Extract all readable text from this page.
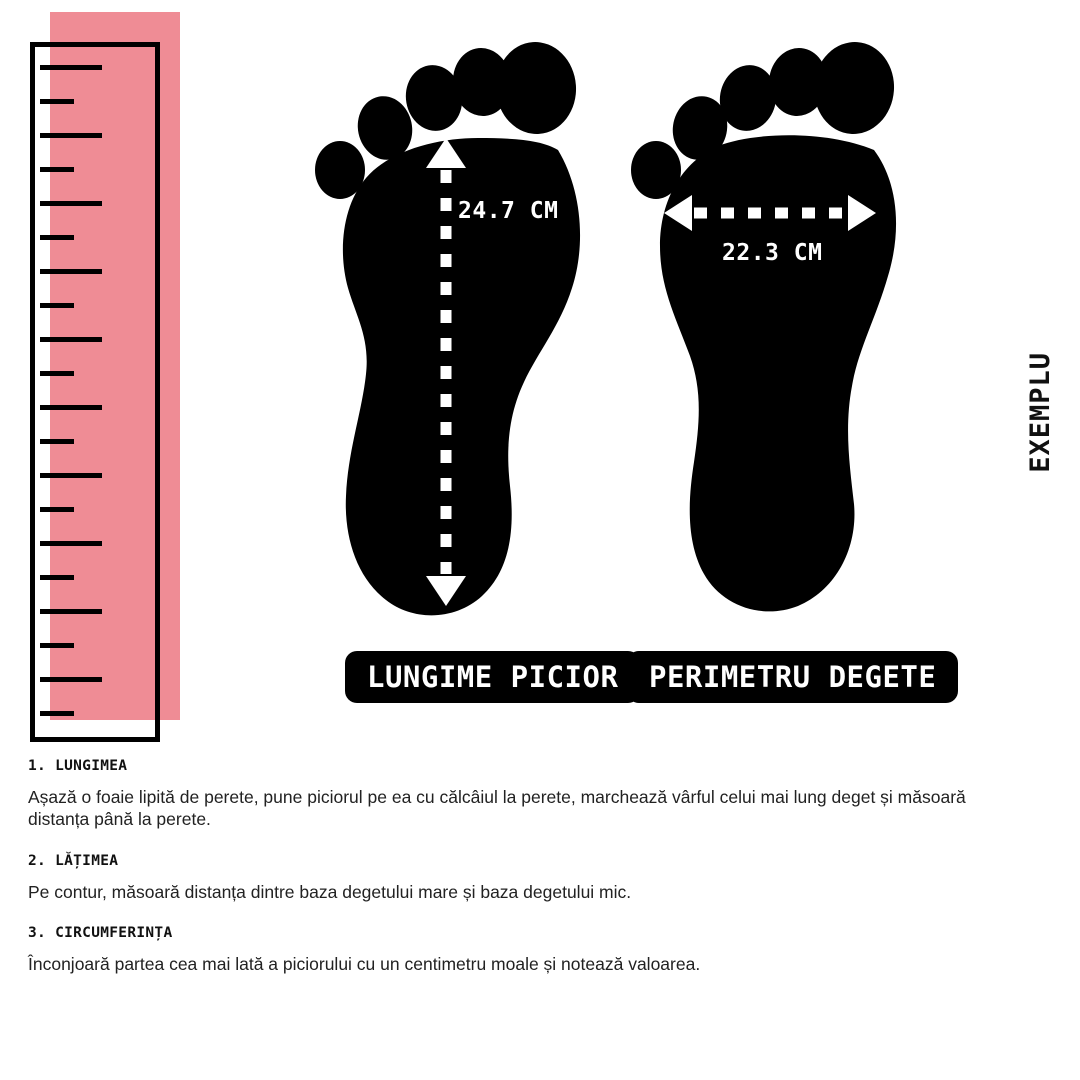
24.7 CM
22.3 CM
LUNGIME PICIOR	PERIMETRU DEGETE
EXEMPLU

1. LUNGIMEA

Așază o foaie lipită de perete, pune piciorul pe ea cu călcâiul la perete, marchează vârful celui mai lung deget și măsoară distanța până la perete.

2. LĂȚIMEA

Pe contur, măsoară distanța dintre baza degetului mare și baza degetului mic.

3. CIRCUMFERINȚA

Înconjoară partea cea mai lată a piciorului cu un centimetru moale și notează valoarea.
